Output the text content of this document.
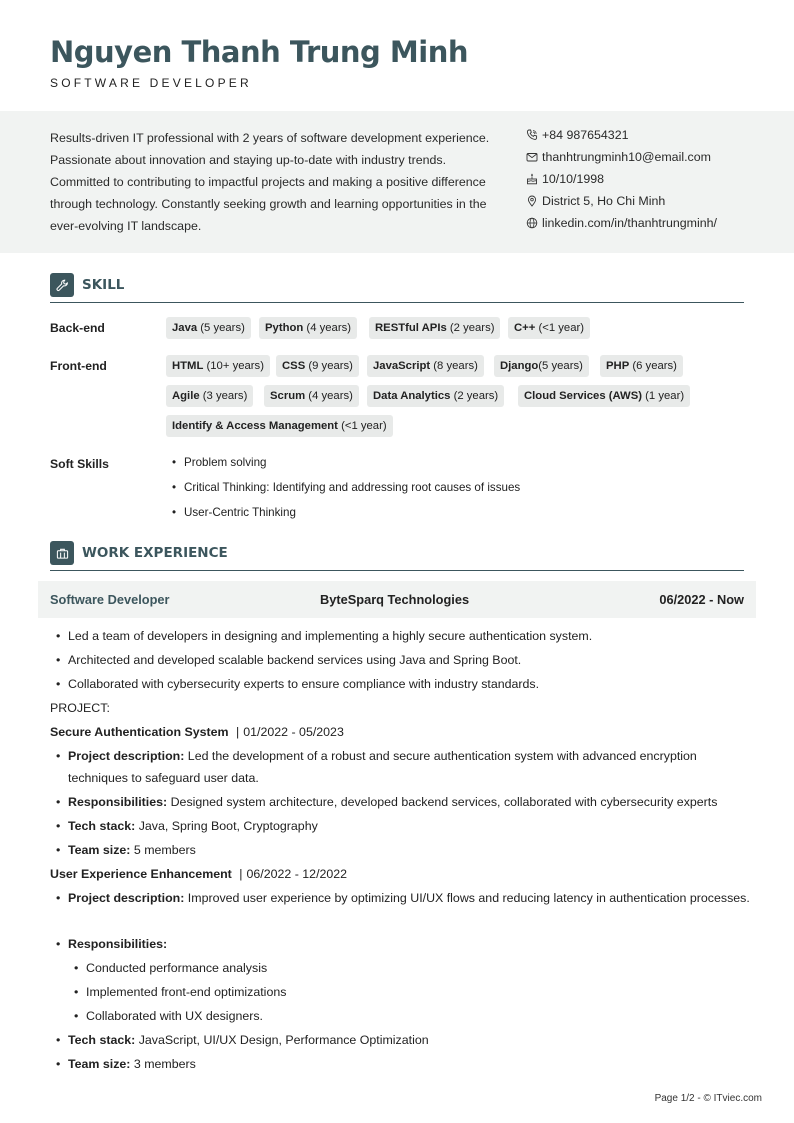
Nguyen Thanh Trung Minh
SOFTWARE DEVELOPER
Results-driven IT professional with 2 years of software development experience. Passionate about innovation and staying up-to-date with industry trends. Committed to contributing to impactful projects and making a positive difference through technology. Constantly seeking growth and learning opportunities in the ever-evolving IT landscape.
+84 987654321
thanhtrungminh10@email.com
10/10/1998
District 5, Ho Chi Minh
linkedin.com/in/thanhtrungminh/
SKILL
Back-end	Java (5 years)	Python (4 years)	RESTful APIs (2 years)	C++ (<1 year)
Front-end	HTML (10+ years)	CSS (9 years)	JavaScript (8 years)	Django(5 years)	PHP (6 years)
Agile (3 years)	Scrum (4 years)	Data Analytics (2 years)	Cloud Services (AWS) (1 year)
Identify & Access Management (<1 year)
Soft Skills
•	Problem solving
• Critical Thinking: Identifying and addressing root causes of issues
• User-Centric Thinking
WORK EXPERIENCE
Software Developer	ByteSparq Technologies	06/2022 - Now
• Led a team of developers in designing and implementing a highly secure authentication system.
• Architected and developed scalable backend services using Java and Spring Boot.
• Collaborated with cybersecurity experts to ensure compliance with industry standards.
PROJECT:
Secure Authentication System | 01/2022 - 05/2023
• Project description: Led the development of a robust and secure authentication system with advanced encryption techniques to safeguard user data.
• Responsibilities: Designed system architecture, developed backend services, collaborated with cybersecurity experts
• Tech stack: Java, Spring Boot, Cryptography
• Team size: 5 members
User Experience Enhancement | 06/2022 - 12/2022
• Project description: Improved user experience by optimizing UI/UX flows and reducing latency in authentication processes.
• Responsibilities:
• Conducted performance analysis
• Implemented front-end optimizations
• Collaborated with UX designers.
• Tech stack: JavaScript, UI/UX Design, Performance Optimization
• Team size: 3 members
Page 1/2 - © ITviec.com
